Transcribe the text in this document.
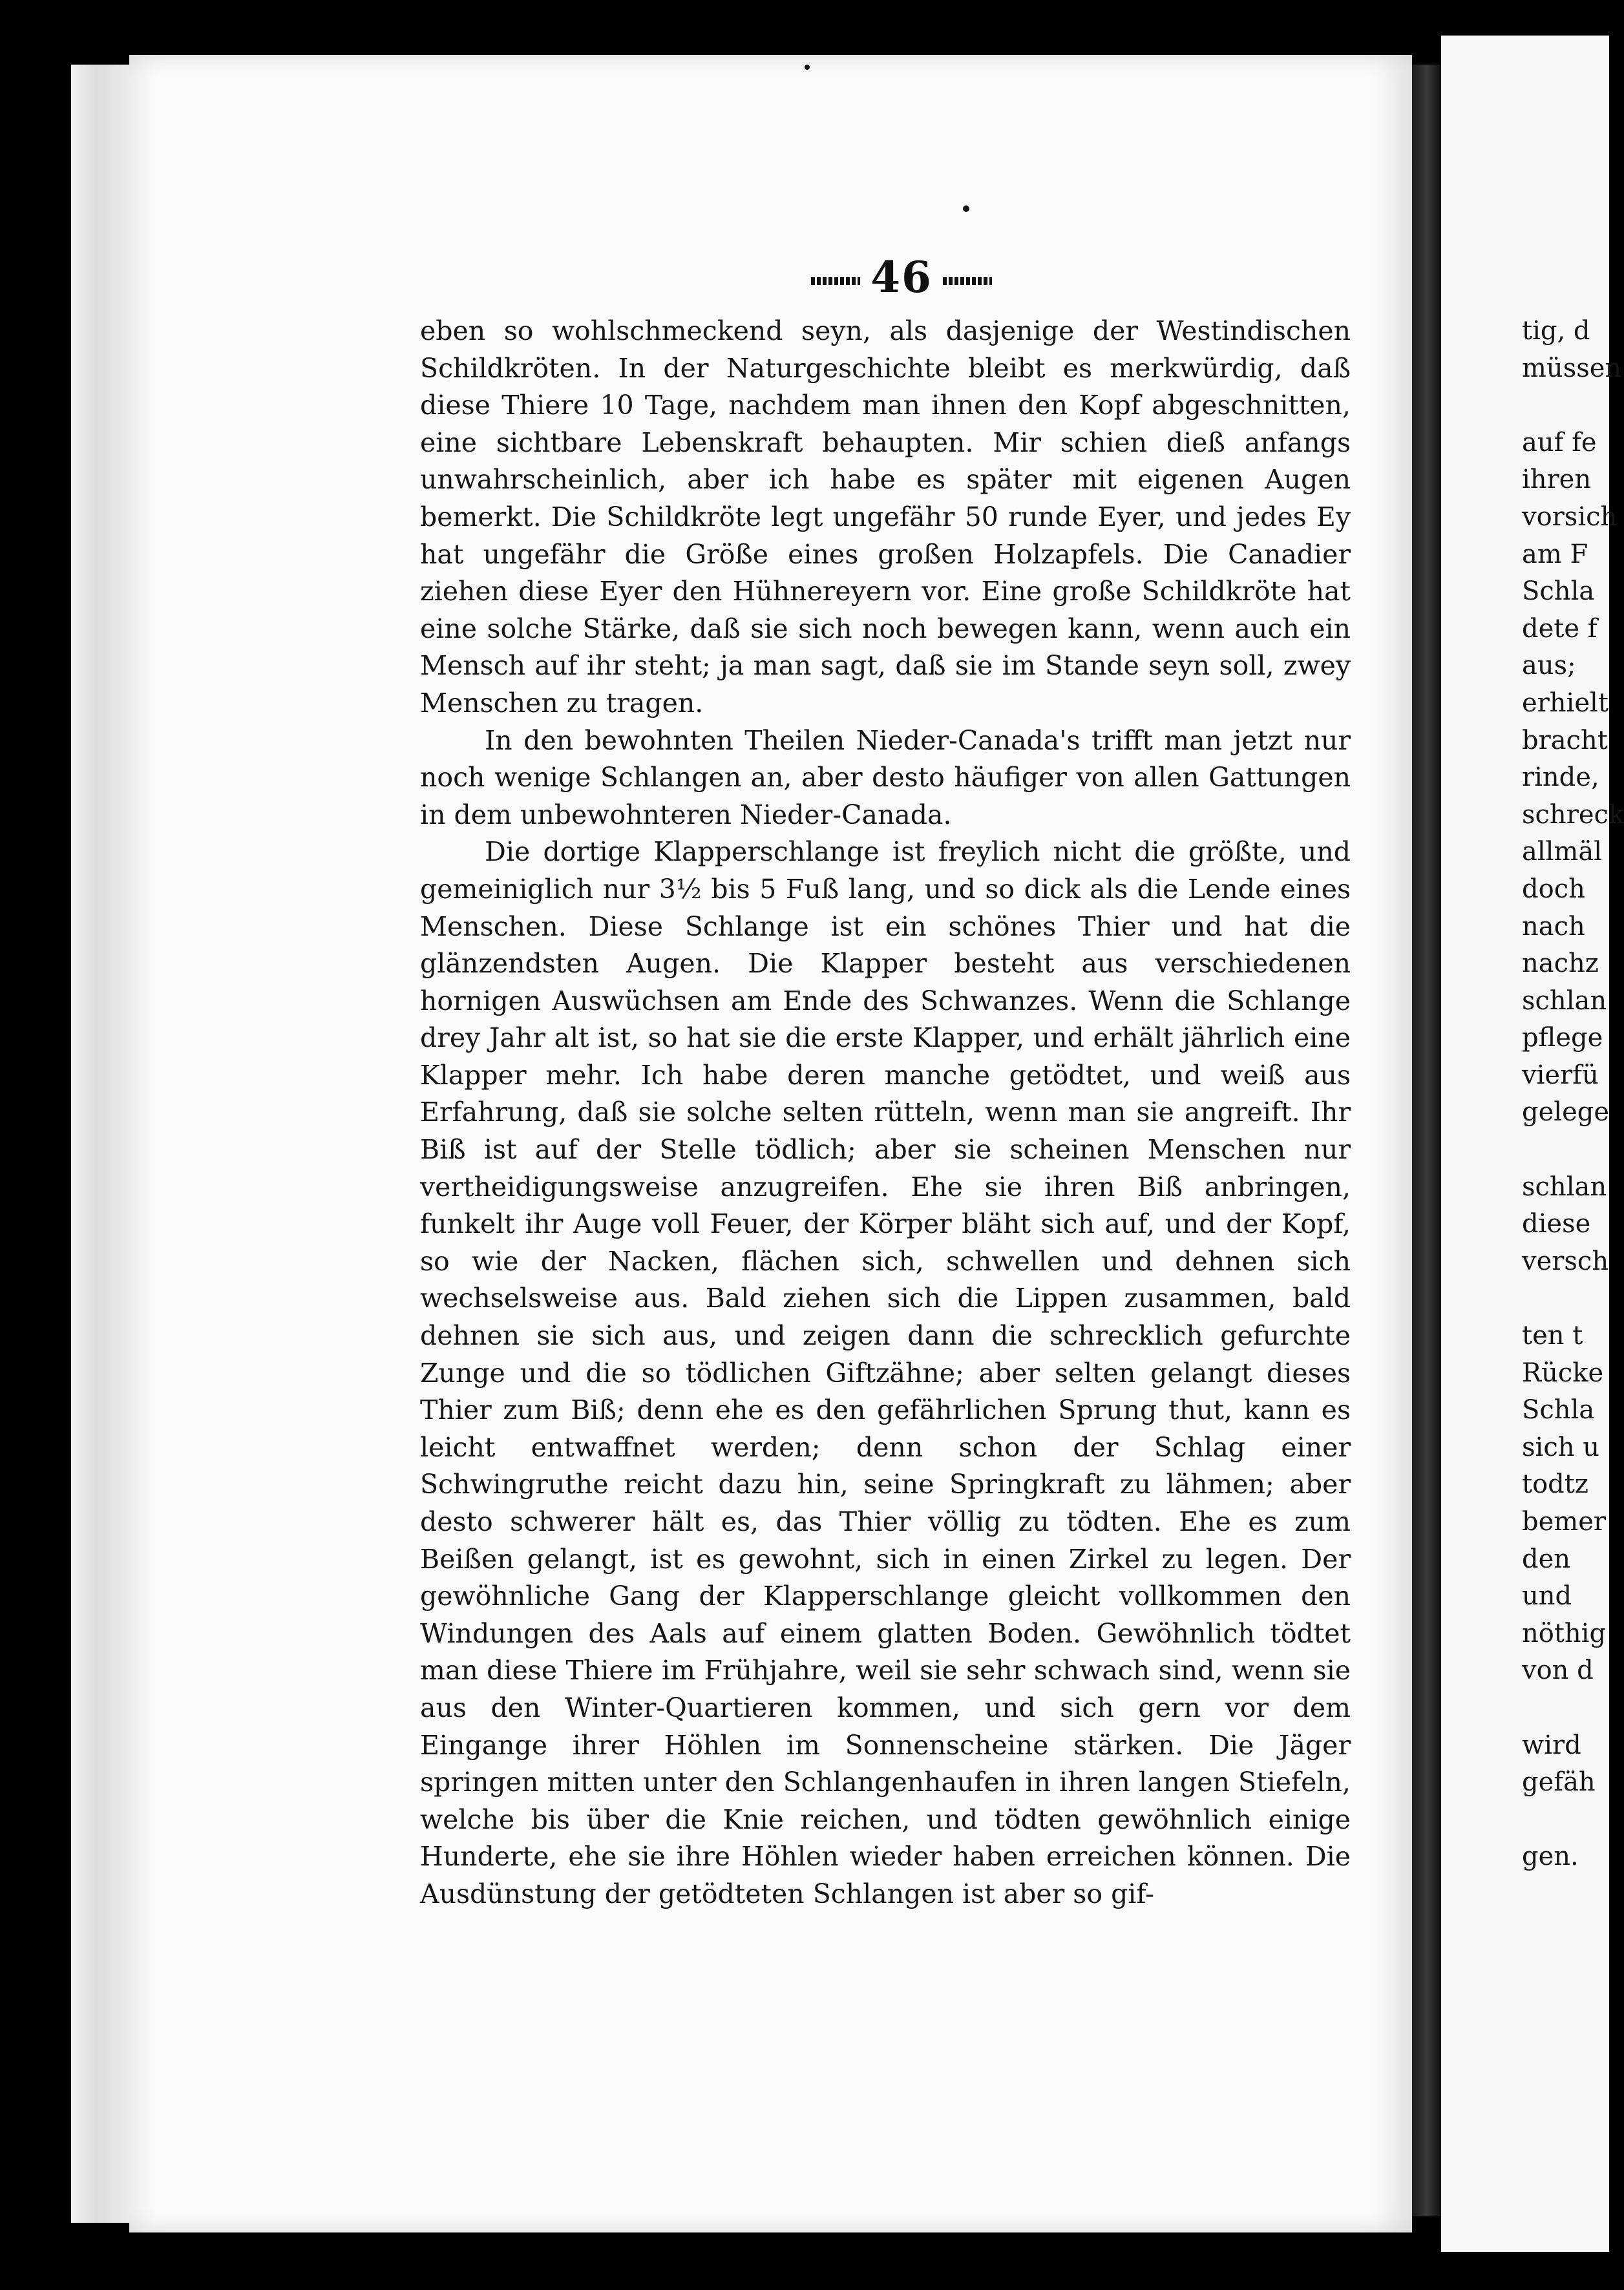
46

eben so wohlschmeckend seyn, als dasjenige der Westindischen Schildkröten. In der Naturgeschichte bleibt es merkwürdig, daß diese Thiere 10 Tage, nachdem man ihnen den Kopf abgeschnitten, eine sichtbare Lebenskraft behaupten. Mir schien dieß anfangs unwahrscheinlich, aber ich habe es später mit eigenen Augen bemerkt. Die Schildkröte legt ungefähr 50 runde Eyer, und jedes Ey hat ungefähr die Größe eines großen Holzapfels. Die Canadier ziehen diese Eyer den Hühnereyern vor. Eine große Schildkröte hat eine solche Stärke, daß sie sich noch bewegen kann, wenn auch ein Mensch auf ihr steht; ja man sagt, daß sie im Stande seyn soll, zwey Menschen zu tragen.

In den bewohnten Theilen Nieder-Canada's trifft man jetzt nur noch wenige Schlangen an, aber desto häufiger von allen Gattungen in dem unbewohnteren Nieder-Canada.

Die dortige Klapperschlange ist freylich nicht die größte, und gemeiniglich nur 3½ bis 5 Fuß lang, und so dick als die Lende eines Menschen. Diese Schlange ist ein schönes Thier und hat die glänzendsten Augen. Die Klapper besteht aus verschiedenen hornigen Auswüchsen am Ende des Schwanzes. Wenn die Schlange drey Jahr alt ist, so hat sie die erste Klapper, und erhält jährlich eine Klapper mehr. Ich habe deren manche getödtet, und weiß aus Erfahrung, daß sie solche selten rütteln, wenn man sie angreift. Ihr Biß ist auf der Stelle tödlich; aber sie scheinen Menschen nur vertheidigungsweise anzugreifen. Ehe sie ihren Biß anbringen, funkelt ihr Auge voll Feuer, der Körper bläht sich auf, und der Kopf, so wie der Nacken, flächen sich, schwellen und dehnen sich wechselsweise aus. Bald ziehen sich die Lippen zusammen, bald dehnen sie sich aus, und zeigen dann die schrecklich gefurchte Zunge und die so tödlichen Giftzähne; aber selten gelangt dieses Thier zum Biß; denn ehe es den gefährlichen Sprung thut, kann es leicht entwaffnet werden; denn schon der Schlag einer Schwingruthe reicht dazu hin, seine Springkraft zu lähmen; aber desto schwerer hält es, das Thier völlig zu tödten. Ehe es zum Beißen gelangt, ist es gewohnt, sich in einen Zirkel zu legen. Der gewöhnliche Gang der Klapperschlange gleicht vollkommen den Windungen des Aals auf einem glatten Boden. Gewöhnlich tödtet man diese Thiere im Frühjahre, weil sie sehr schwach sind, wenn sie aus den Winter-Quartieren kommen, und sich gern vor dem Eingange ihrer Höhlen im Sonnenscheine stärken. Die Jäger springen mitten unter den Schlangenhaufen in ihren langen Stiefeln, welche bis über die Knie reichen, und tödten gewöhnlich einige Hunderte, ehe sie ihre Höhlen wieder haben erreichen können. Die Ausdünstung der getödteten Schlangen ist aber so gif-

tig, d
müssen
auf fe
ihren
vorsich
am F
Schla
dete f
aus;
erhielt
bracht
rinde,
schreck
allmäl
doch
nach
nachz
schlan
pflege
vierfü
gelege
schlan
diese
versch
ten t
Rücke
Schla
sich u
todtz
bemer
den
und
nöthig
von d
wird
gefäh
gen.
